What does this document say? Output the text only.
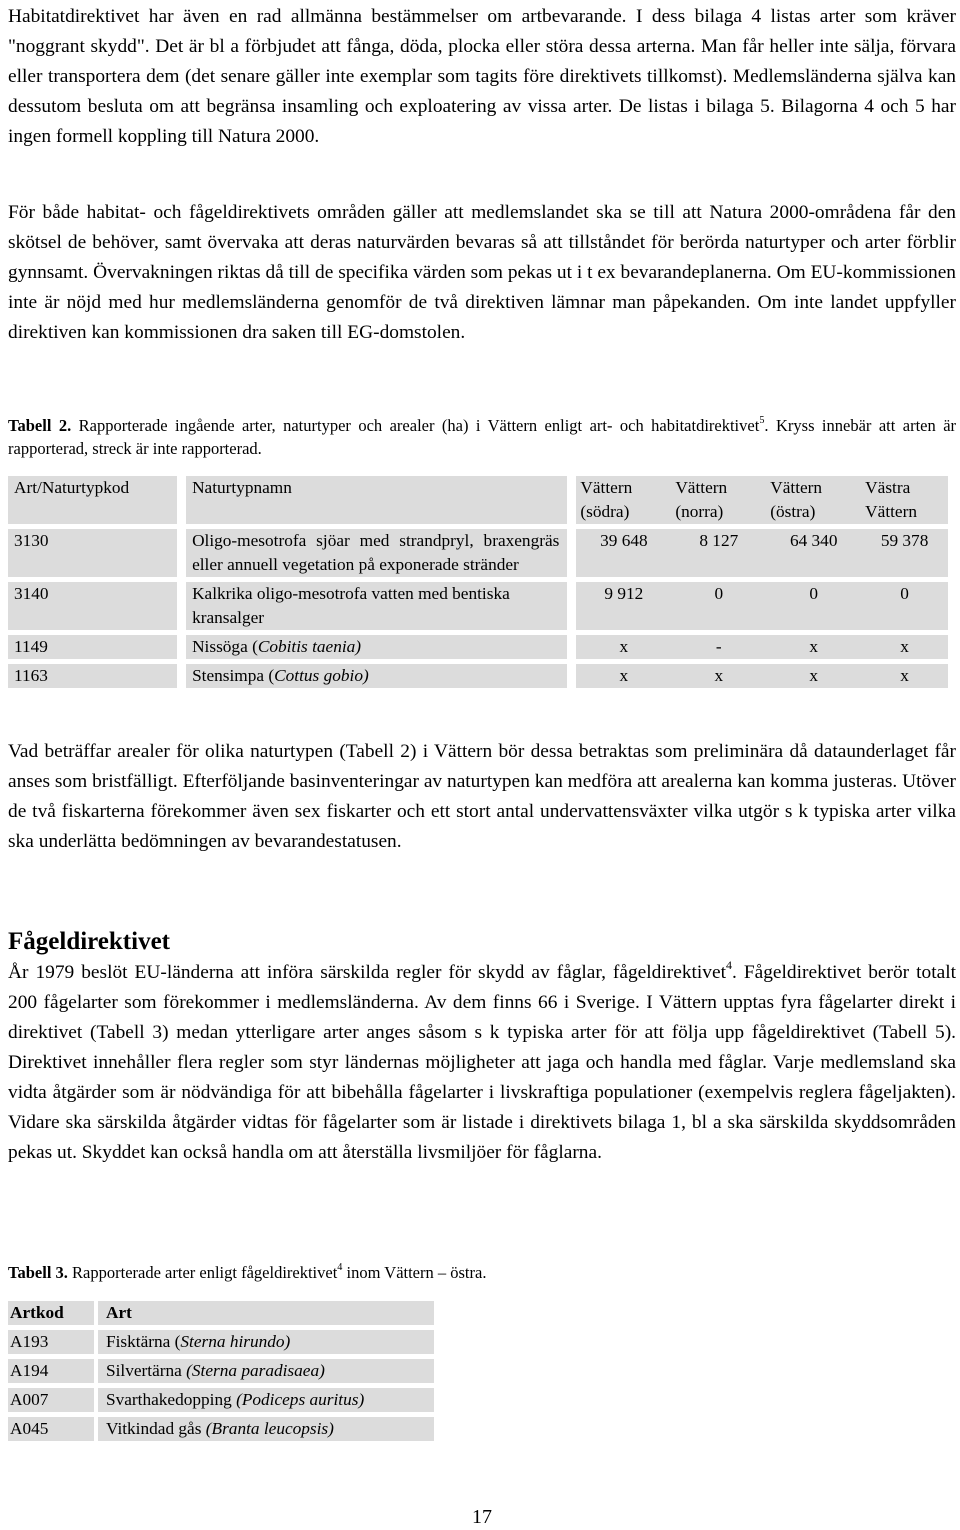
Habitatdirektivet har även en rad allmänna bestämmelser om artbevarande. I dess bilaga 4 listas arter som kräver "noggrant skydd". Det är bl a förbjudet att fånga, döda, plocka eller störa dessa arterna. Man får heller inte sälja, förvara eller transportera dem (det senare gäller inte exemplar som tagits före direktivets tillkomst). Medlemsländerna själva kan dessutom besluta om att begränsa insamling och exploatering av vissa arter. De listas i bilaga 5. Bilagorna 4 och 5 har ingen formell koppling till Natura 2000.

För både habitat- och fågeldirektivets områden gäller att medlemslandet ska se till att Natura 2000-områdena får den skötsel de behöver, samt övervaka att deras naturvärden bevaras så att tillståndet för berörda naturtyper och arter förblir gynnsamt. Övervakningen riktas då till de specifika värden som pekas ut i t ex bevarandeplanerna. Om EU-kommissionen inte är nöjd med hur medlemsländerna genomför de två direktiven lämnar man påpekanden. Om inte landet uppfyller direktiven kan kommissionen dra saken till EG-domstolen.

Tabell 2. Rapporterade ingående arter, naturtyper och arealer (ha) i Vättern enligt art- och habitatdirektivet$^5$. Kryss innebär att arten är rapporterad, streck är inte rapporterad.
Art/Naturtypkod		Naturtypnamn		Vättern (södra)	Vättern (norra)	Vättern (östra)	Västra Vättern
3130		Oligo-mesotrofa sjöar med strandpryl, braxengräs eller annuell vegetation på exponerade stränder		39 648	8 127	64 340	59 378
3140		Kalkrika oligo-mesotrofa vatten med bentiska kransalger		9 912	0	0	0
1149		Nissöga (Cobitis taenia)		x	-	x	x
1163		Stensimpa (Cottus gobio)		x	x	x	x

Vad beträffar arealer för olika naturtypen (Tabell 2) i Vättern bör dessa betraktas som preliminära då dataunderlaget får anses som bristfälligt. Efterföljande basinventeringar av naturtypen kan medföra att arealerna kan komma justeras. Utöver de två fiskarterna förekommer även sex fiskarter och ett stort antal undervattensväxter vilka utgör s k typiska arter vilka ska underlätta bedömningen av bevarandestatusen.

Fågeldirektivet

År 1979 beslöt EU-länderna att införa särskilda regler för skydd av fåglar, fågeldirektivet$^4$. Fågeldirektivet berör totalt 200 fågelarter som förekommer i medlemsländerna. Av dem finns 66 i Sverige. I Vättern upptas fyra fågelarter direkt i direktivet (Tabell 3) medan ytterligare arter anges såsom s k typiska arter för att följa upp fågeldirektivet (Tabell 5). Direktivet innehåller flera regler som styr ländernas möjligheter att jaga och handla med fåglar. Varje medlemsland ska vidta åtgärder som är nödvändiga för att bibehålla fågelarter i livskraftiga populationer (exempelvis reglera fågeljakten). Vidare ska särskilda åtgärder vidtas för fågelarter som är listade i direktivets bilaga 1, bl a ska särskilda skyddsområden pekas ut. Skyddet kan också handla om att återställa livsmiljöer för fåglarna.

Tabell 3. Rapporterade arter enligt fågeldirektivet$^4$ inom Vättern – östra.
Artkod		Art
A193		Fisktärna (Sterna hirundo)
A194		Silvertärna (Sterna paradisaea)
A007		Svarthakedopping (Podiceps auritus)
A045		Vitkindad gås (Branta leucopsis)
17
